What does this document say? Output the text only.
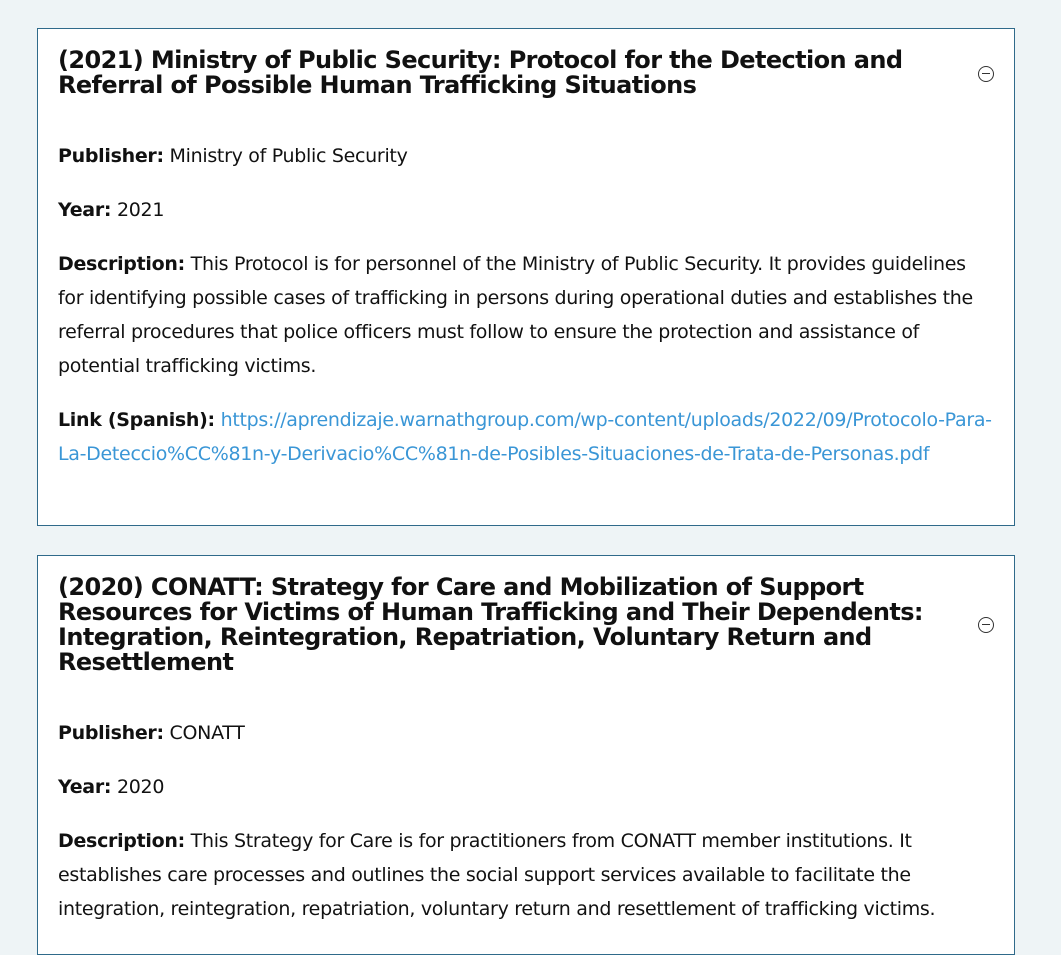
(2021) Ministry of Public Security: Protocol for the Detection and Referral of Possible Human Trafficking Situations

Publisher: Ministry of Public Security

Year: 2021

Description: This Protocol is for personnel of the Ministry of Public Security. It provides guidelines for identifying possible cases of trafficking in persons during operational duties and establishes the referral procedures that police officers must follow to ensure the protection and assistance of potential trafficking victims.

Link (Spanish): https://aprendizaje.warnathgroup.com/wp-content/uploads/2022/09/Protocolo-Para-La-Deteccio%CC%81n-y-Derivacio%CC%81n-de-Posibles-Situaciones-de-Trata-de-Personas.pdf

(2020) CONATT: Strategy for Care and Mobilization of Support Resources for Victims of Human Trafficking and Their Dependents: Integration, Reintegration, Repatriation, Voluntary Return and Resettlement

Publisher: CONATT

Year: 2020

Description: This Strategy for Care is for practitioners from CONATT member institutions. It establishes care processes and outlines the social support services available to facilitate the integration, reintegration, repatriation, voluntary return and resettlement of trafficking victims.
